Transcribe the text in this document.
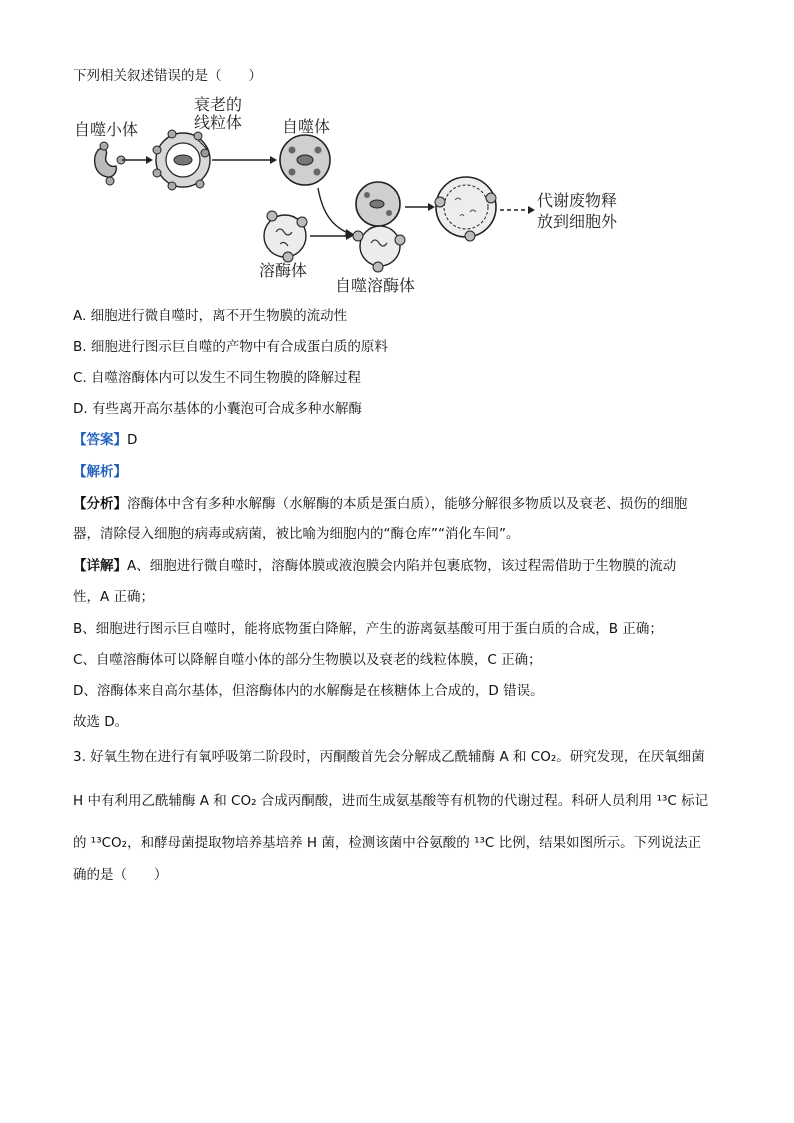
下列相关叙述错误的是（　　）
自噬小体
衰老的线粒体 自噬体
溶酶体
自噬溶酶体
代谢废物释
放到细胞外
A. 细胞进行微自噬时，离不开生物膜的流动性
B. 细胞进行图示巨自噬的产物中有合成蛋白质的原料
C. 自噬溶酶体内可以发生不同生物膜的降解过程
D. 有些离开高尔基体的小囊泡可合成多种水解酶
【答案】D
【解析】
【分析】溶酶体中含有多种水解酶（水解酶的本质是蛋白质），能够分解很多物质以及衰老、损伤的细胞
器，清除侵入细胞的病毒或病菌，被比喻为细胞内的“酶仓库”“消化车间”。
【详解】A、细胞进行微自噬时，溶酶体膜或液泡膜会内陷并包裹底物，该过程需借助于生物膜的流动
性，A 正确；
B、细胞进行图示巨自噬时，能将底物蛋白降解，产生的游离氨基酸可用于蛋白质的合成，B 正确；
C、自噬溶酶体可以降解自噬小体的部分生物膜以及衰老的线粒体膜，C 正确；
D、溶酶体来自高尔基体，但溶酶体内的水解酶是在核糖体上合成的，D 错误。
故选 D。
3. 好氧生物在进行有氧呼吸第二阶段时，丙酮酸首先会分解成乙酰辅酶 A 和 CO₂。研究发现，在厌氧细菌
H 中有利用乙酰辅酶 A 和 CO₂ 合成丙酮酸，进而生成氨基酸等有机物的代谢过程。科研人员利用 ¹³C 标记
的 ¹³CO₂，和酵母菌提取物培养基培养 H 菌，检测该菌中谷氨酸的 ¹³C 比例，结果如图所示。下列说法正
确的是（　　）
